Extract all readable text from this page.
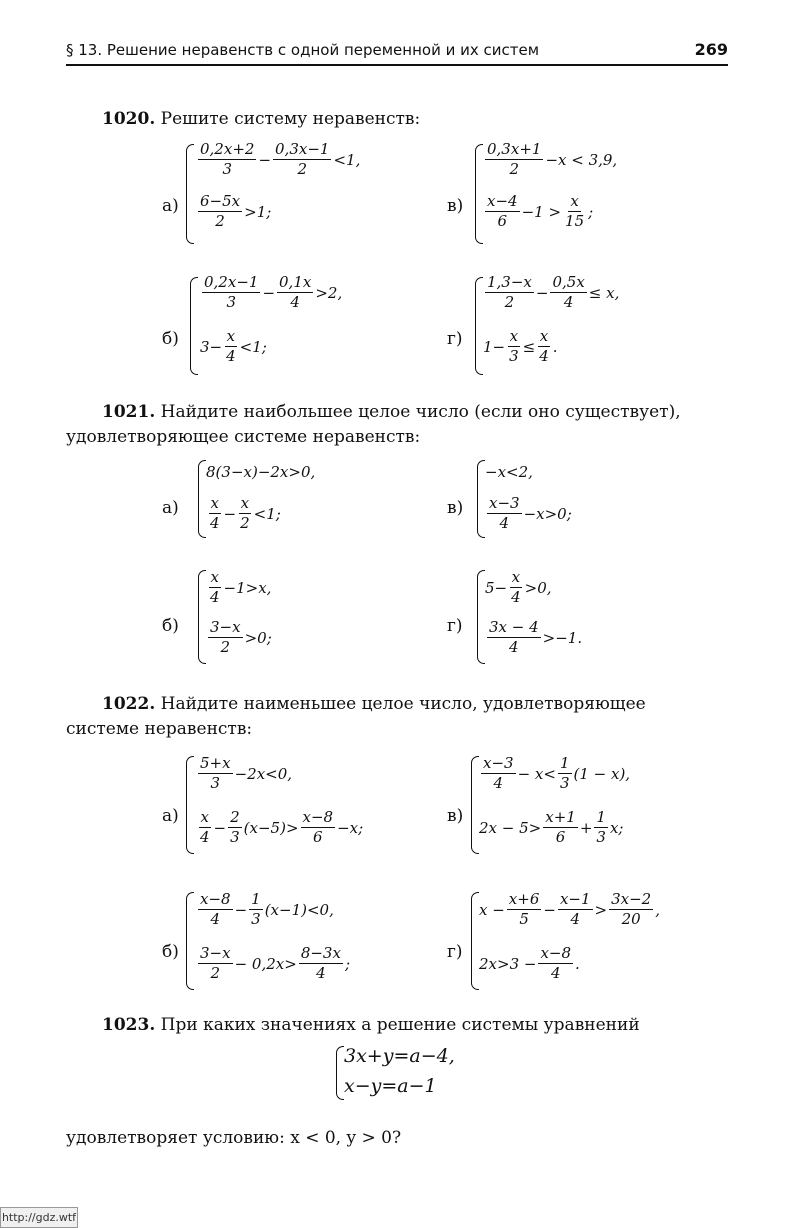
§ 13. Решение неравенств с одной переменной и их систем	269
1020. Решите систему неравенств:
а)
$\frac{0,2x+2}{3} - \frac{0,3x-1}{2} <1$,
$\frac{6-5x}{2} >1$;
б)
$\frac{0,2x-1}{3} - \frac{0,1x}{4} >2$,
$3- \frac{x}{4} <1$;
в)
$\frac{0,3x+1}{2} -x < 3,9$,
$\frac{x-4}{6} -1 > \frac{x}{15}$ ;
г)
$\frac{1,3-x}{2} - \frac{0,5x}{4} \le x$,
$1- \frac{x}{3} \le \frac{x}{4}$ .
1021. Найдите наибольшее целое число (если оно существует),
удовлетворяющее системе неравенств:
а)
8(3−x)−2x>0,
$\frac{x}{4} - \frac{x}{2} <1$;
б)
$\frac{x}{4} -1>x$,
$\frac{3-x}{2} >0$;
в)
−x<2,
$\frac{x-3}{4} -x>0$;
г)
$5- \frac{x}{4} >0$,
$\frac{3x - 4}{4} >-1$.
1022. Найдите наименьшее целое число, удовлетворяющее
системе неравенств:
а)
$\frac{5+x}{3} -2x<0$,
$\frac{x}{4} - \frac{2}{3} (x-5)> \frac{x-8}{6} -x$;
б)
$\frac{x-8}{4} - \frac{1}{3} (x-1)<0$,
$\frac{3-x}{2} - 0,2x> \frac{8-3x}{4}$ ;
в)
$\frac{x-3}{4} - x< \frac{1}{3} (1 - x)$,
$2x - 5> \frac{x+1}{6} + \frac{1}{3} x$;
г)
$x - \frac{x+6}{5} - \frac{x-1}{4} > \frac{3x-2}{20}$ ,
$2x>3 - \frac{x-8}{4}$ .
1023. При каких значениях a решение системы уравнений
3x+y=a−4,
x−y=a−1
удовлетворяет условию: x < 0, y > 0?
http://gdz.wtf
